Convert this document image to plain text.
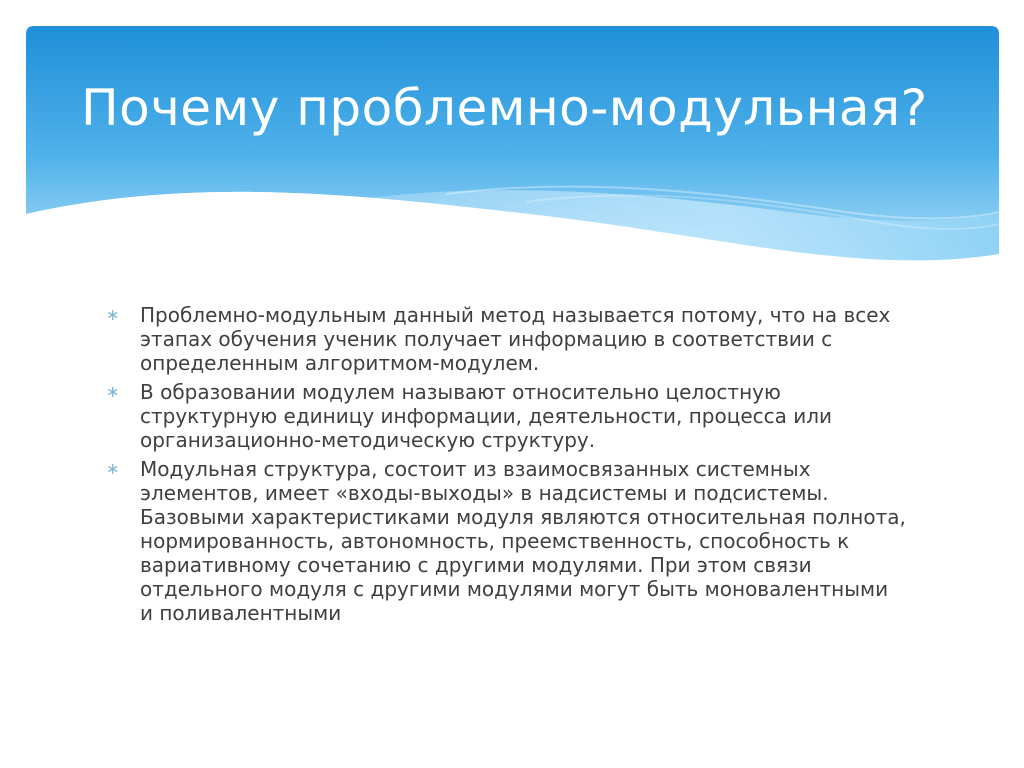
Почему проблемно-модульная?
∗ Проблемно-модульным данный метод называется потому, что на всех этапах обучения ученик получает информацию в соответствии с определенным алгоритмом-модулем.
∗ В образовании модулем называют относительно целостную структурную единицу информации, деятельности, процесса или организационно-методическую структуру.
∗ Модульная структура, состоит из взаимосвязанных системных элементов, имеет «входы-выходы» в надсистемы и подсистемы. Базовыми характеристиками модуля являются относительная полнота, нормированность, автономность, преемственность, способность к вариативному сочетанию с другими модулями. При этом связи отдельного модуля с другими модулями могут быть моновалентными и поливалентными
